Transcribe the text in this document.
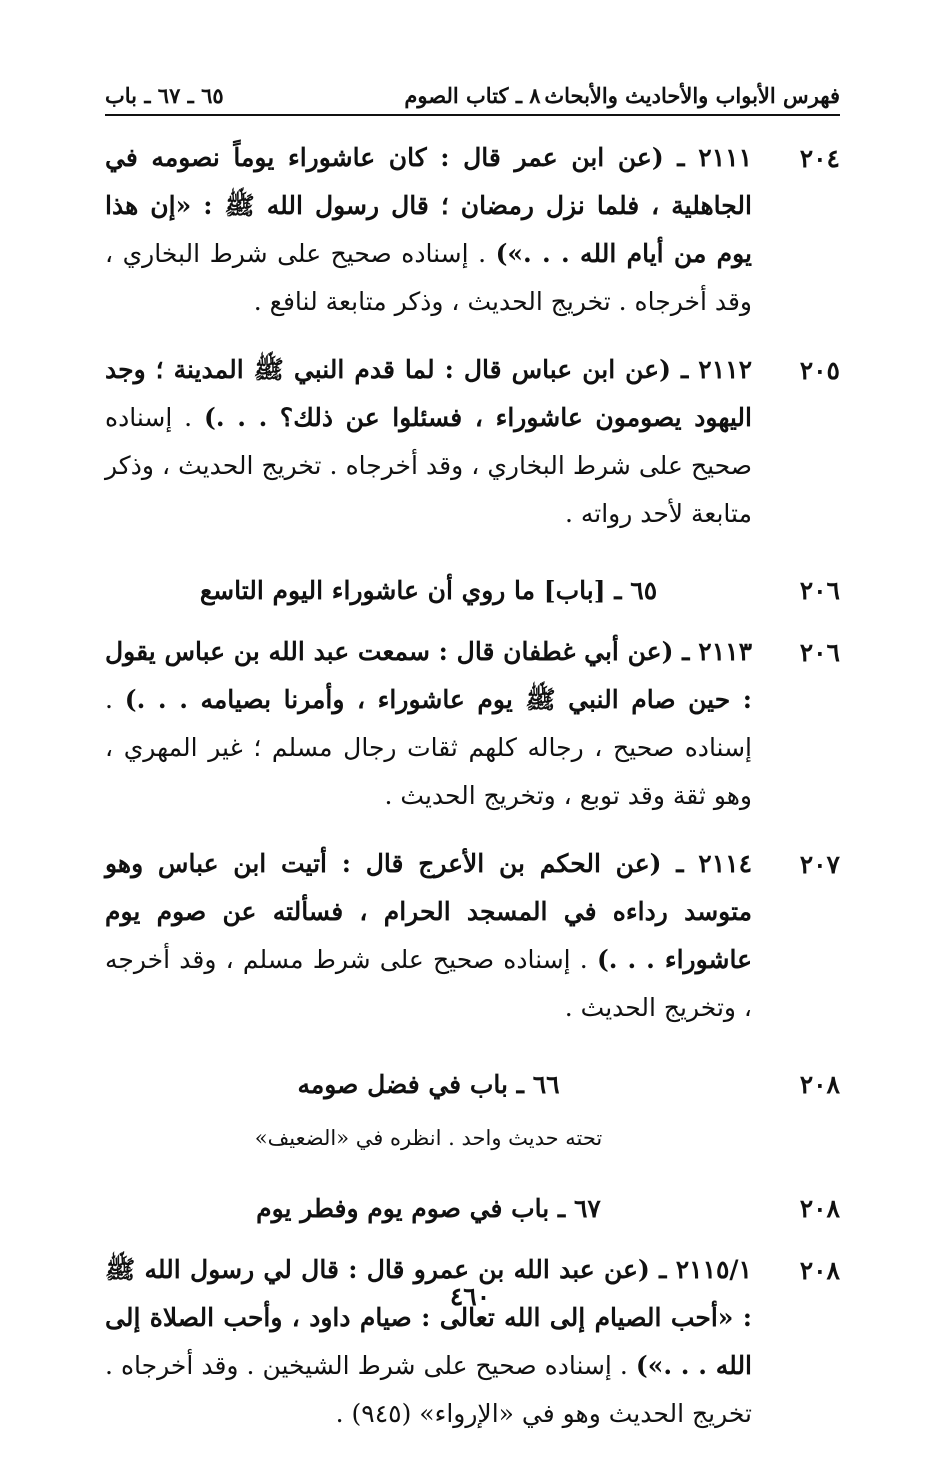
فهرس الأبواب والأحاديث والأبحاث
٨ ـ كتاب الصوم
٦٥ ـ ٦٧ ـ باب
٢٠٤
٢١١١ ـ (عن ابن عمر قال : كان عاشوراء يوماً نصومه في الجاهلية ، فلما نزل رمضان ؛ قال رسول الله ﷺ : «إن هذا يوم من أيام الله . . .») . إسناده صحيح على شرط البخاري ، وقد أخرجاه . تخريج الحديث ، وذكر متابعة لنافع .
٢٠٥
٢١١٢ ـ (عن ابن عباس قال : لما قدم النبي ﷺ المدينة ؛ وجد اليهود يصومون عاشوراء ، فسئلوا عن ذلك؟ . . .) . إسناده صحيح على شرط البخاري ، وقد أخرجاه . تخريج الحديث ، وذكر متابعة لأحد رواته .
٢٠٦
٦٥ ـ [باب] ما روي أن عاشوراء اليوم التاسع
٢٠٦
٢١١٣ ـ (عن أبي غطفان قال : سمعت عبد الله بن عباس يقول : حين صام النبي ﷺ يوم عاشوراء ، وأمرنا بصيامه . . .) . إسناده صحيح ، رجاله كلهم ثقات رجال مسلم ؛ غير المهري ، وهو ثقة وقد توبع ، وتخريج الحديث .
٢٠٧
٢١١٤ ـ (عن الحكم بن الأعرج قال : أتيت ابن عباس وهو متوسد رداءه في المسجد الحرام ، فسألته عن صوم يوم عاشوراء . . .) . إسناده صحيح على شرط مسلم ، وقد أخرجه ، وتخريج الحديث .
٢٠٨
٦٦ ـ باب في فضل صومه
تحته حديث واحد . انظره في «الضعيف»
٢٠٨
٦٧ ـ باب في صوم يوم وفطر يوم
٢٠٨
٢١١٥/١ ـ (عن عبد الله بن عمرو قال : قال لي رسول الله ﷺ : «أحب الصيام إلى الله تعالى : صيام داود ، وأحب الصلاة إلى الله . . .») . إسناده صحيح على شرط الشيخين . وقد أخرجاه . تخريج الحديث وهو في «الإرواء» (٩٤٥) .
٤٦٠
